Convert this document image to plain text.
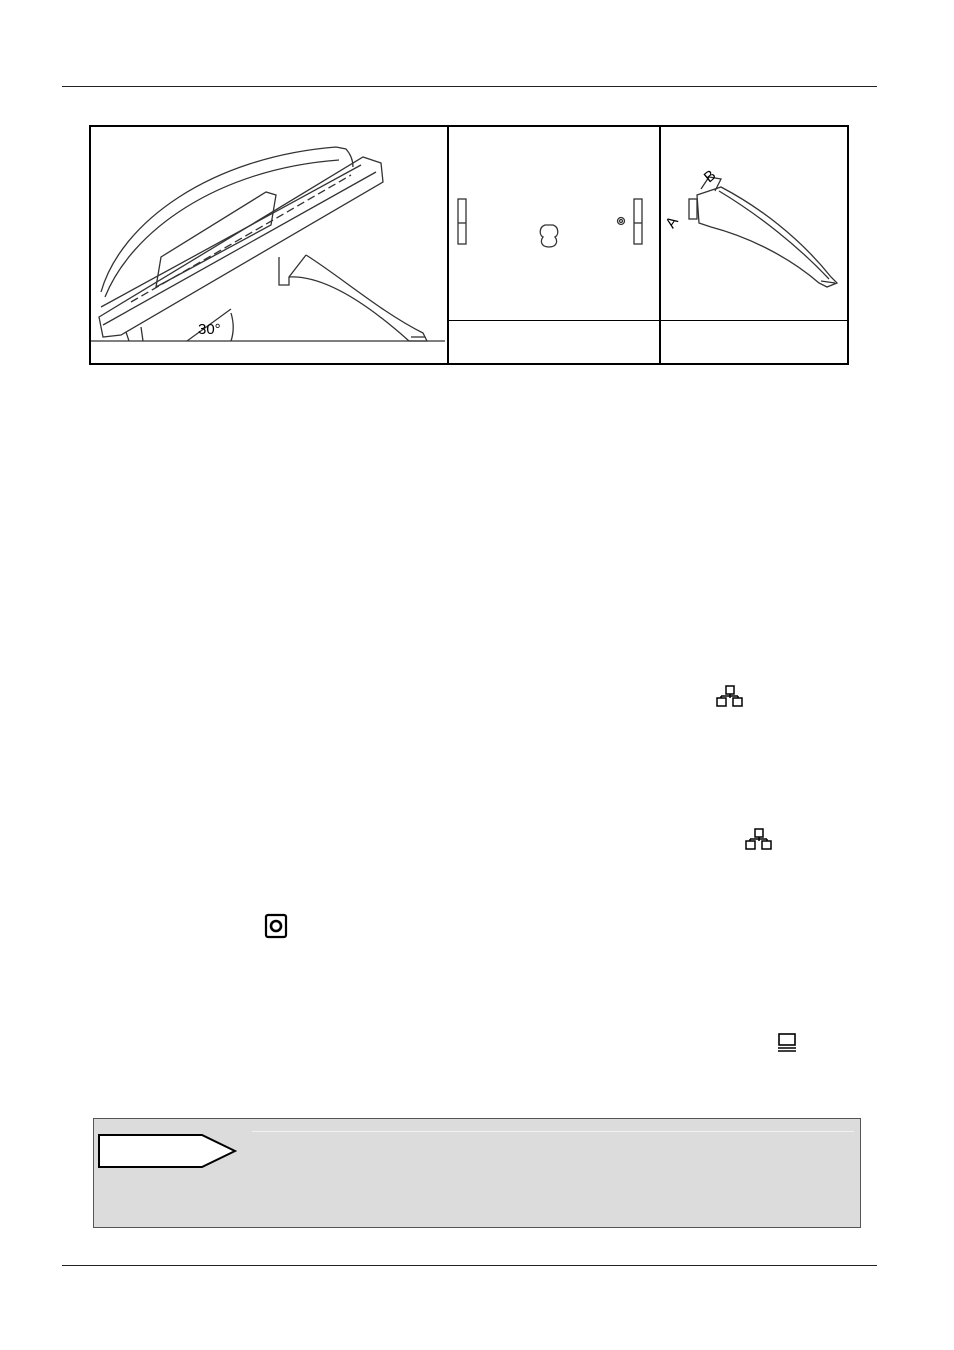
30°
A
B
